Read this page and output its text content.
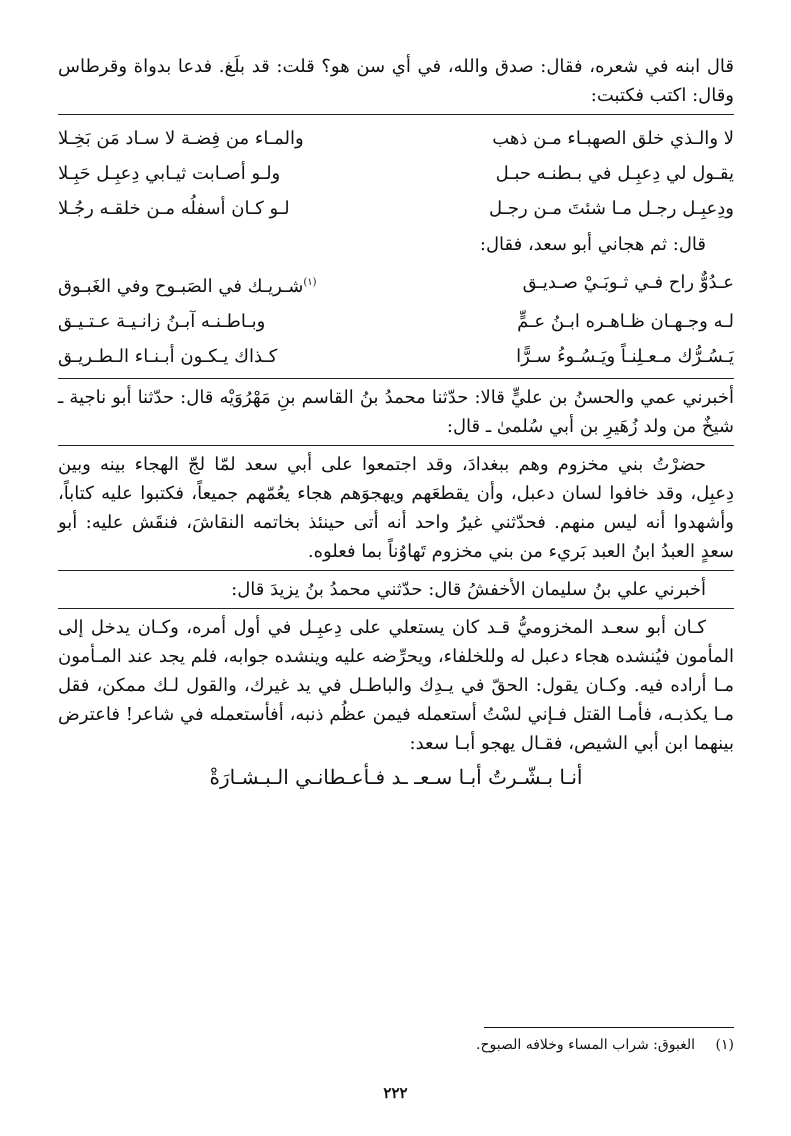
قال ابنه في شعره، فقال: صدق والله، في أي سن هو؟ قلت: قد بلَغ. فدعا بدواة وقرطاس وقال: اكتب فكتبت:

لا والـذي خلق الصهبـاء مـن ذهب
والمـاء من فِضـة لا سـاد مَن بَخِـلا
يقـول لي دِعبِـل في بـطنـه حبـل
ولـو أصـابت ثيـابي دِعبِـل حَبِـلا
ودِعبِـل رجـل مـا شئتَ مـن رجـل
لـو كـان أسفلُه مـن خلقـه رجُـلا

قال: ثم هجاني أبو سعد، فقال:

عـدُوٌّ راح فـي ثـوبَـيْ صـديـق
$^{(١)}$شـريـك في الصَبـوح وفي الغَبـوق
لـه وجـهـان ظـاهـره ابـنُ عـمٍّ
وبـاطـنـه آبـنُ زانـيـة عـتـيـق
يَـسُـرُّك مـعـلِنـاً ويَـسُـوءُ سـرًّا
كـذاك يـكـون أبـنـاء الـطـريـق

أخبرني عمي والحسنُ بن عليٍّ قالا: حدّثنا محمدُ بنُ القاسم بنِ مَهْرُوَيْه قال: حدّثنا أبو ناجية ـ شيخٌ من ولد زُهَيرِ بن أبي سُلمىٰ ـ قال:

حضرْتُ بني مخزوم وهم ببغدادَ، وقد اجتمعوا على أبي سعد لمّا لجّ الهجاء بينه وبين دِعبِل، وقد خافوا لسان دعبل، وأن يقطعَهم ويهجوَهم هجاء يعُمّهم جميعاً، فكتبوا عليه كتاباً، وأشهدوا أنه ليس منهم. فحدّثني غيرُ واحد أنه أتى حينئذ بخاتمه النقاشَ، فنقَش عليه: أبو سعدٍ العبدُ ابنُ العبد بَريء من بني مخزوم تَهاوُناً بما فعلوه.

أخبرني علي بنُ سليمان الأخفشُ قال: حدّثني محمدُ بنُ يزيدَ قال:

كـان أبو سعـد المخزوميُّ قـد كان يستعلي على دِعبِـل في أول أمره، وكـان يدخل إلى المأمون فيُنشده هجاء دعبل له وللخلفاء، ويحرِّضه عليه وينشده جوابه، فلم يجد عند المـأمون مـا أراده فيه. وكـان يقول: الحقّ في يـدِك والباطـل في يد غيرك، والقول لـك ممكن، فقل مـا يكذبـه، فأمـا القتل فـإني لسْتُ أستعمله فيمن عظُم ذنبه، أفأستعمله في شاعر! فاعترض بينهما ابن أبي الشيص، فقـال يهجو أبـا سعد:

أنـا بـشّـرتُ أبـا سـعـ ـد فـأعـطانـي الـبـشـارَةْ

(١) الغبوق: شراب المساء وخلافه الصبوح.
٢٢٢
